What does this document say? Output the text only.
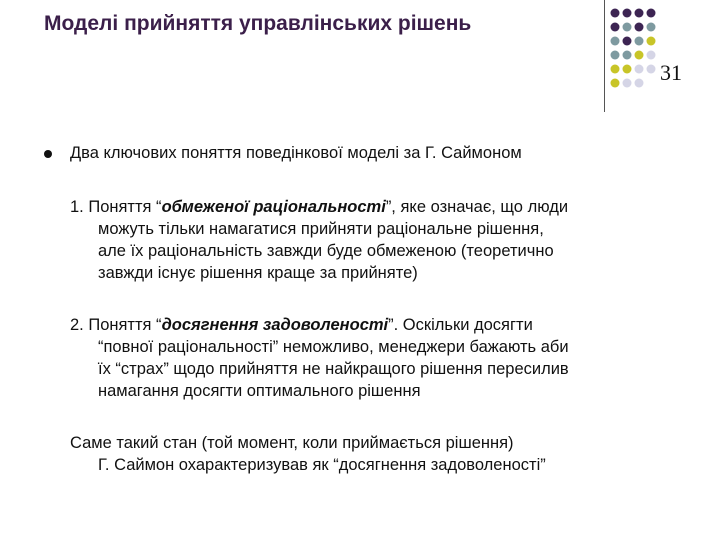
Моделі прийняття управлінських рішень
31
Два ключових поняття поведінкової моделі за Г. Саймоном
1. Поняття “обмеженої раціональності”, яке означає, що люди
можуть тільки намагатися прийняти раціональне рішення,
але їх раціональність завжди буде обмеженою (теоретично
завжди існує рішення краще за прийняте)
2. Поняття “досягнення задоволеності”. Оскільки досягти
“повної раціональності” неможливо, менеджери бажають аби
їх “страх” щодо прийняття не найкращого рішення пересилив
намагання досягти оптимального рішення
Саме такий стан (той момент, коли приймається рішення)
Г. Саймон охарактеризував як “досягнення задоволеності”
